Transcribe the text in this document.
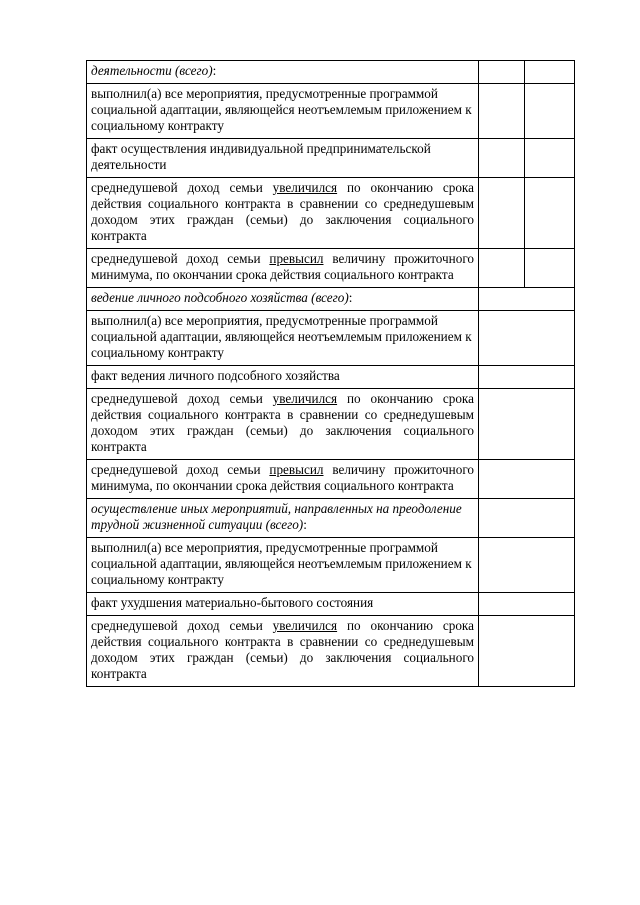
деятельности (всего):		
выполнил(а) все мероприятия, предусмотренные программой социальной адаптации, являющейся неотъемлемым приложением к социальному контракту		
факт осуществления индивидуальной предпринимательской деятельности		
среднедушевой доход семьи увеличился по окончанию срока действия социального контракта в сравнении со среднедушевым доходом этих граждан (семьи) до заключения социального контракта		
среднедушевой доход семьи превысил величину прожиточного минимума, по окончании срока действия социального контракта		
ведение личного подсобного хозяйства (всего):		
выполнил(а) все мероприятия, предусмотренные программой социальной адаптации, являющейся неотъемлемым приложением к социальному контракту		
факт ведения личного подсобного хозяйства		
среднедушевой доход семьи увеличился по окончанию срока действия социального контракта в сравнении со среднедушевым доходом этих граждан (семьи) до заключения социального контракта		
среднедушевой доход семьи превысил величину прожиточного минимума, по окончании срока действия социального контракта		
осуществление иных мероприятий, направленных на преодоление трудной жизненной ситуации (всего):		
выполнил(а) все мероприятия, предусмотренные программой социальной адаптации, являющейся неотъемлемым приложением к социальному контракту		
факт ухудшения материально-бытового состояния		
среднедушевой доход семьи увеличился по окончанию срока действия социального контракта в сравнении со среднедушевым доходом этих граждан (семьи) до заключения социального контракта		
